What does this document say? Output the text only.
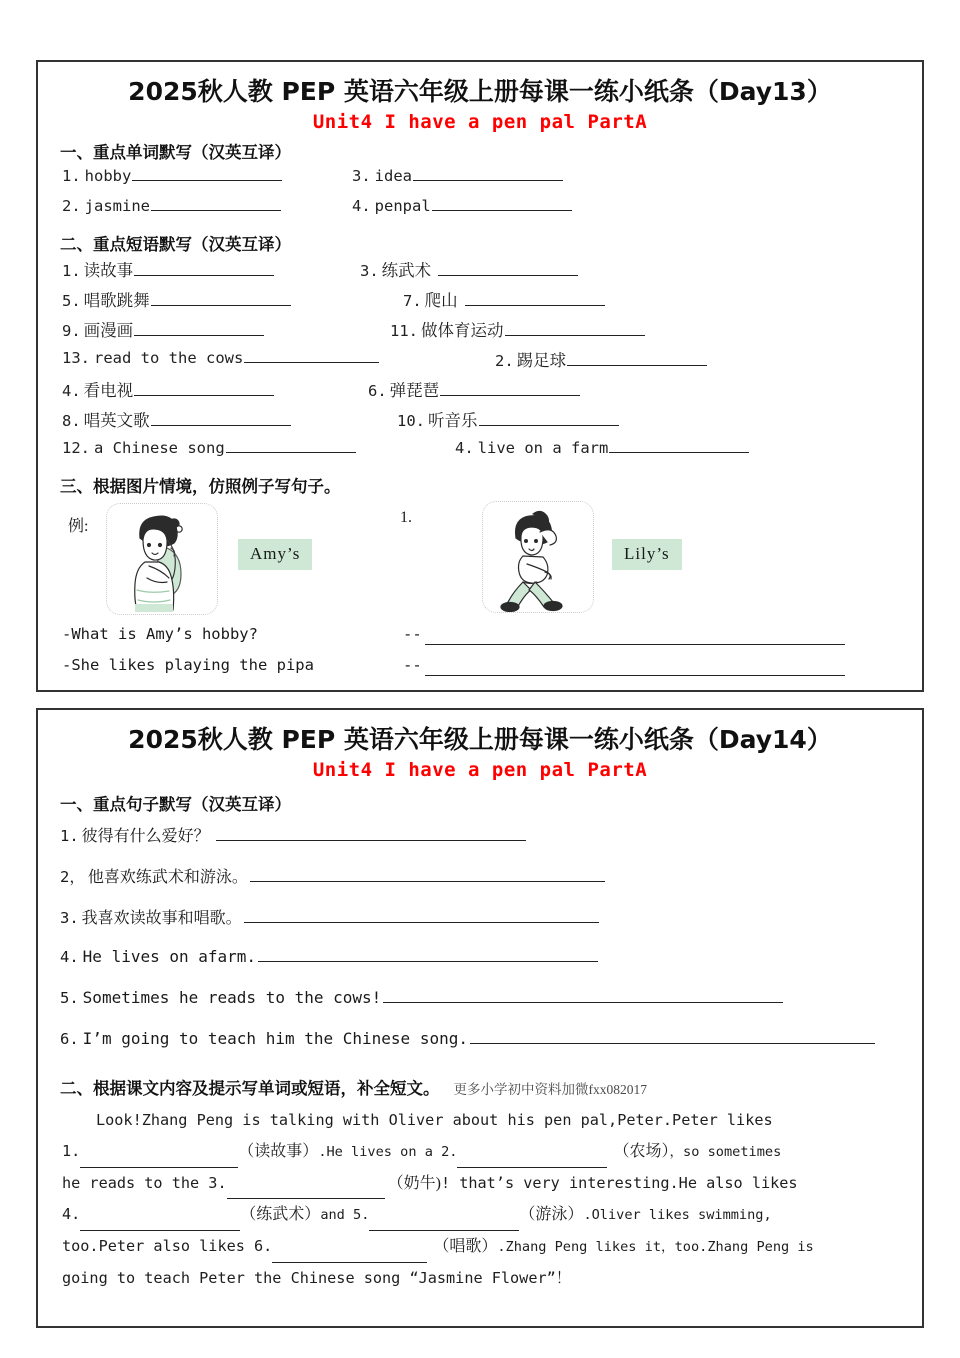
2025秋人教 PEP 英语六年级上册每课一练小纸条（Day13）
Unit4 I have a pen pal PartA
一、重点单词默写（汉英互译）
1. hobby	3. idea
2. jasmine	4. penpal
二、重点短语默写（汉英互译）
1. 读故事	3. 练武术
5. 唱歌跳舞	7. 爬山
9. 画漫画	11. 做体育运动
13. read to the cows	2. 踢足球
4. 看电视	6. 弹琵琶
8. 唱英文歌	10. 听音乐
12. a Chinese song	4. live on a farm
三、根据图片情境，仿照例子写句子。
例:
Amy’s
1.
Lily’s
-What is Amy’s hobby?	--
-She likes playing the pipa	--
2025秋人教 PEP 英语六年级上册每课一练小纸条（Day14）
Unit4 I have a pen pal PartA
一、重点句子默写（汉英互译）
1. 彼得有什么爱好？
2， 他喜欢练武术和游泳。
3. 我喜欢读故事和唱歌。
4. He lives on afarm.
5. Sometimes he reads to the cows!
6. I’m going to teach him the Chinese song.
二、根据课文内容及提示写单词或短语，补全短文。 更多小学初中资料加微fxx082017
Look!Zhang Peng is talking with Oliver about his pen pal,Peter.Peter likes
1.	（读故事）.He lives on a 2.	（农场），so sometimes
he reads to the 3.	（奶牛)! that’s very interesting.He also likes
4.	（练武术）and 5.	（游泳）.Oliver likes swimming,
too.Peter also likes 6.	（唱歌）.Zhang Peng likes it，too.Zhang Peng is
going to teach Peter the Chinese song “Jasmine Flower”！
